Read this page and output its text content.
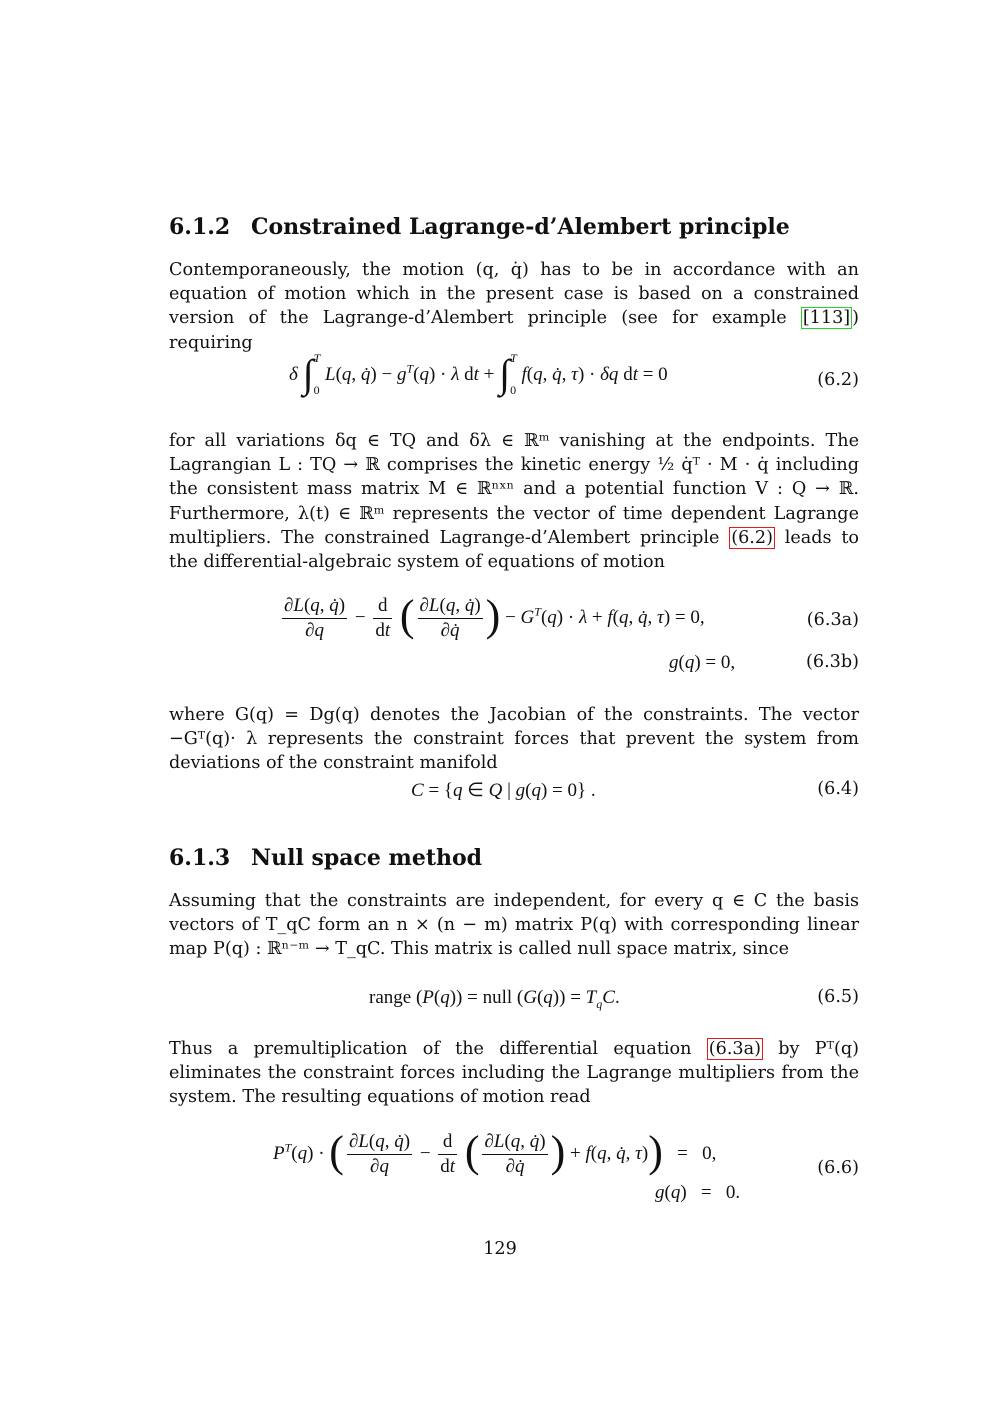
6.1.2 Constrained Lagrange-d’Alembert principle
Contemporaneously, the motion (q, q̇) has to be in accordance with an equation of motion which in the present case is based on a constrained version of the Lagrange-d’Alembert principle (see for example [113] ) requiring
δ ∫ T
0
L(q, q̇) − $g^T(q) \cdot \lambda$ dt + ∫ T
0
f(q, q̇, τ) · δq dt = 0	(6.2)
for all variations δq ∈ TQ and δλ ∈ ℝᵐ vanishing at the endpoints. The Lagrangian L : TQ → ℝ comprises the kinetic energy ½ q̇ᵀ · M · q̇ including the consistent mass matrix M ∈ ℝⁿˣⁿ and a potential function V : Q → ℝ. Furthermore, λ(t) ∈ ℝᵐ represents the vector of time dependent Lagrange multipliers. The constrained Lagrange-d’Alembert principle (6.2) leads to the differential-algebraic system of equations of motion
$\frac{\partial L(q, q̇)}{\partial q} - \frac{d}{dt}$ ( $\frac{\partial L(q, q̇)}{\partial q̇}$ ) − $G^T(q) \cdot \lambda + f(q$, q̇, τ) = 0,	(6.3a)
g(q) = 0,	(6.3b)
where G(q) = Dg(q) denotes the Jacobian of the constraints. The vector −Gᵀ(q)· λ represents the constraint forces that prevent the system from deviations of the constraint manifold
C = {q ∈ Q | g(q) = 0} .	(6.4)
6.1.3 Null space method
Assuming that the constraints are independent, for every q ∈ C the basis vectors of T_qC form an n × (n − m) matrix P(q) with corresponding linear map P(q) : ℝⁿ⁻ᵐ → T_qC. This matrix is called null space matrix, since
range (P(q)) = null $(G(q)) = T_qC$.	(6.5)
Thus a premultiplication of the differential equation (6.3a) by Pᵀ(q) eliminates the constraint forces including the Lagrange multipliers from the system. The resulting equations of motion read
$P^T(q)$ · ( $\frac{\partial L(q, q̇)}{\partial q} - \frac{d}{dt}$ ( $\frac{\partial L(q, q̇)}{\partial q̇}$ ) + f(q, q̇, τ))   =   0,
g(q)   =   0.
(6.6)
129
